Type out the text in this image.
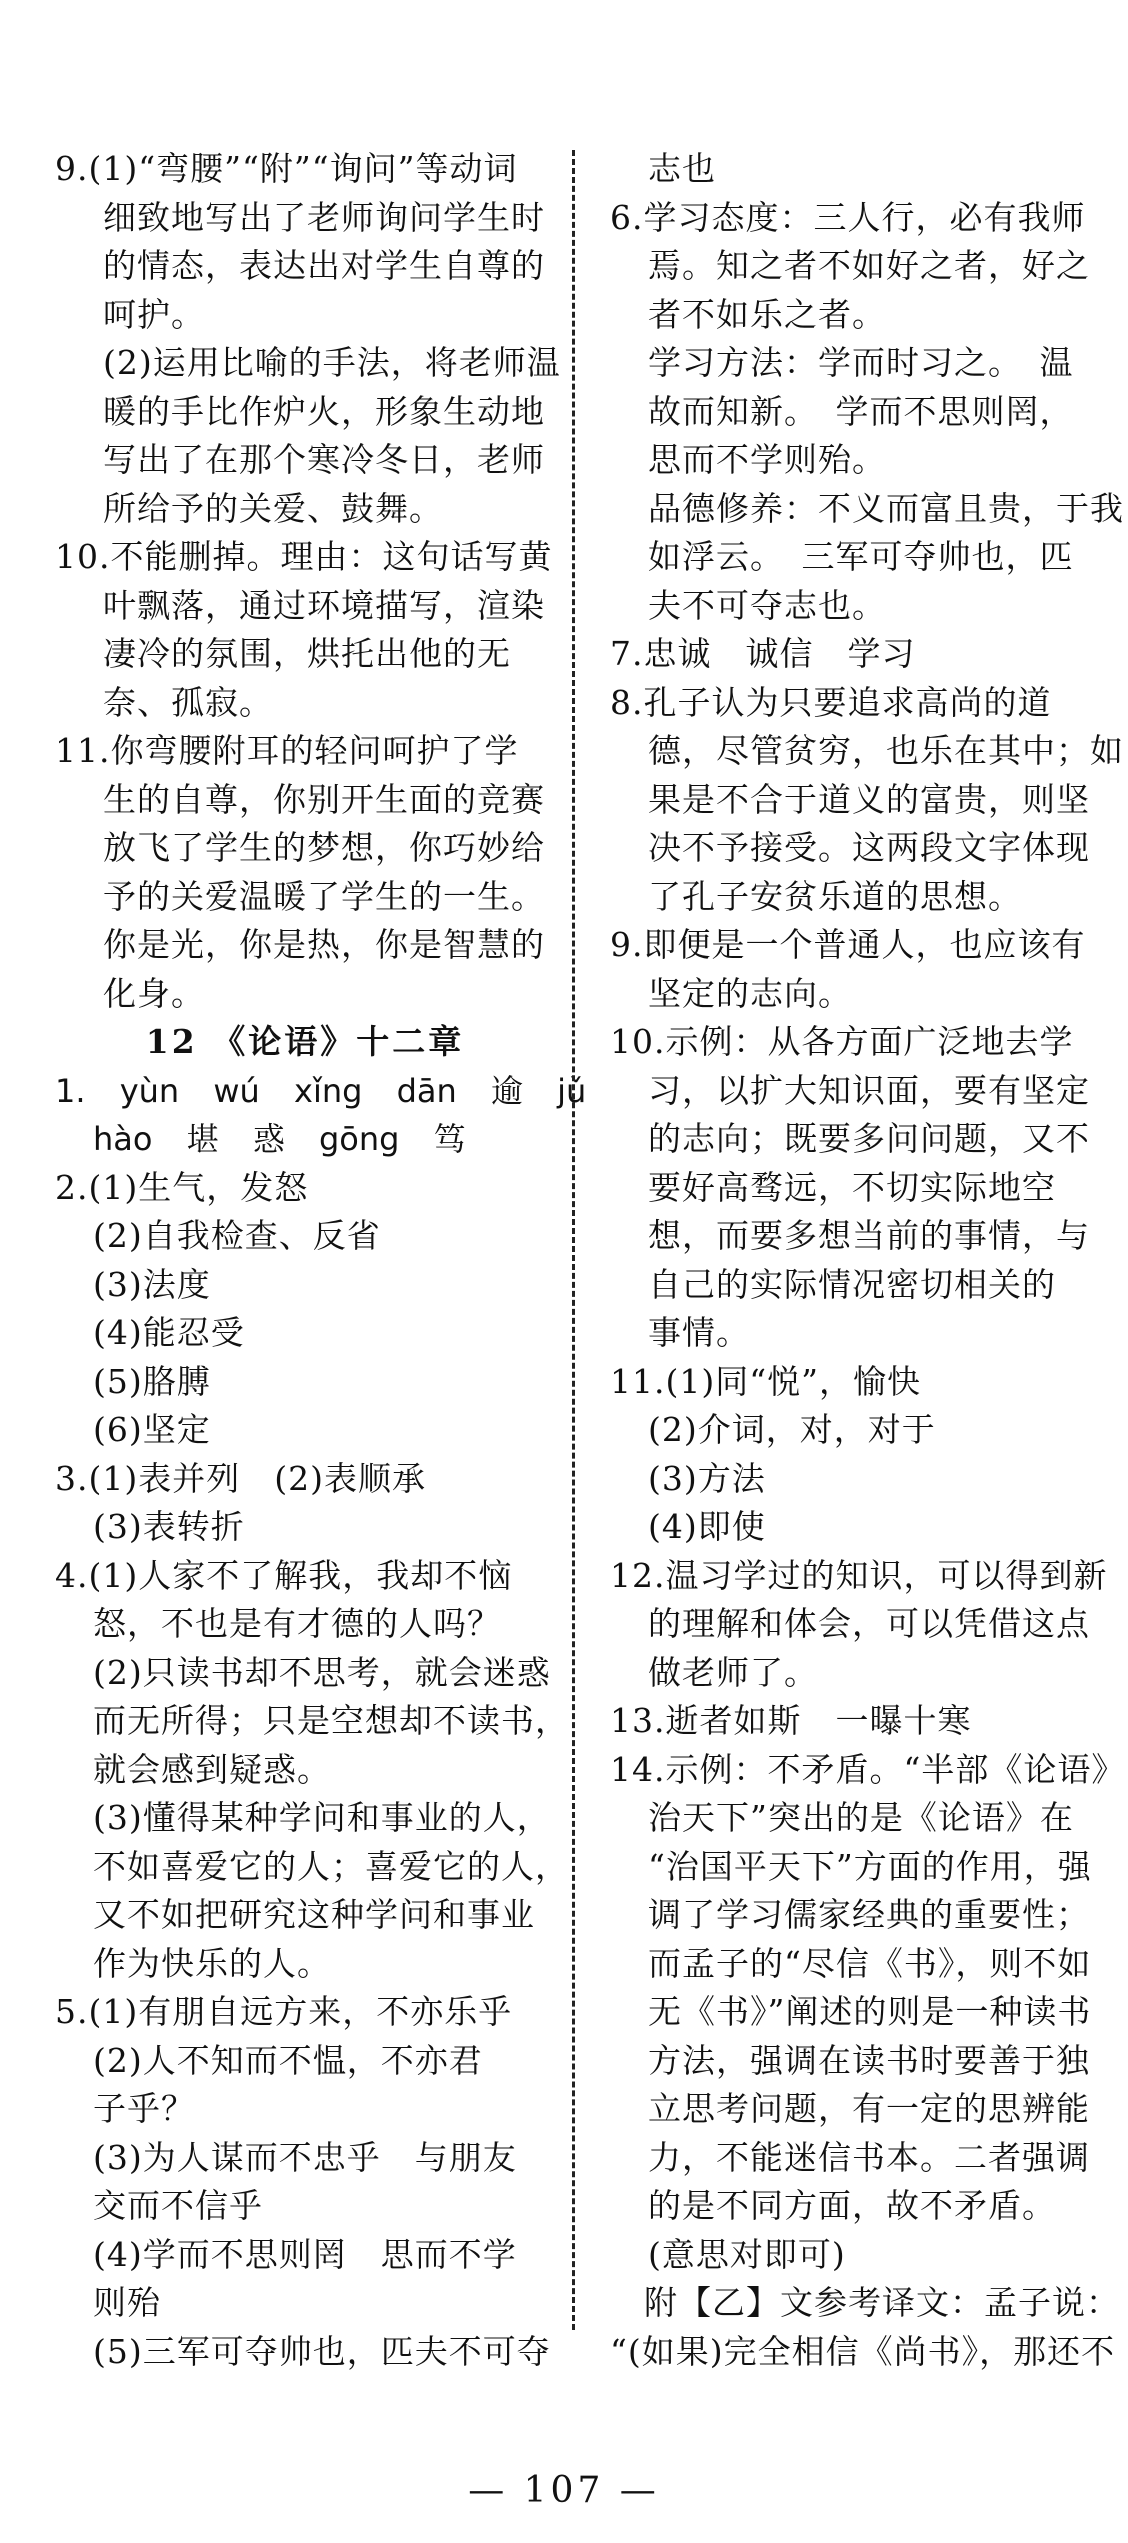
9.(1)“弯腰”“附”“询问”等动词
细致地写出了老师询问学生时
的情态，表达出对学生自尊的
呵护。
(2)运用比喻的手法，将老师温
暖的手比作炉火，形象生动地
写出了在那个寒冷冬日，老师
所给予的关爱、鼓舞。
10.不能删掉。理由：这句话写黄
叶飘落，通过环境描写，渲染
凄冷的氛围，烘托出他的无
奈、孤寂。
11.你弯腰附耳的轻问呵护了学
生的自尊，你别开生面的竞赛
放飞了学生的梦想，你巧妙给
予的关爱温暖了学生的一生。
你是光，你是热，你是智慧的
化身。
12 《论语》十二章
1. yùn wú xǐng dān 逾 jǔ
hào 堪 惑 gōng 笃
2.(1)生气，发怒
(2)自我检查、反省
(3)法度
(4)能忍受
(5)胳膊
(6)坚定
3.(1)表并列　(2)表顺承
(3)表转折
4.(1)人家不了解我，我却不恼
怒，不也是有才德的人吗？
(2)只读书却不思考，就会迷惑
而无所得；只是空想却不读书，
就会感到疑惑。
(3)懂得某种学问和事业的人，
不如喜爱它的人；喜爱它的人，
又不如把研究这种学问和事业
作为快乐的人。
5.(1)有朋自远方来，不亦乐乎
(2)人不知而不愠，不亦君
子乎？
(3)为人谋而不忠乎　与朋友
交而不信乎
(4)学而不思则罔　思而不学
则殆
(5)三军可夺帅也，匹夫不可夺
志也
6.学习态度：三人行，必有我师
焉。知之者不如好之者，好之
者不如乐之者。
学习方法：学而时习之。　温
故而知新。　学而不思则罔，
思而不学则殆。
品德修养：不义而富且贵，于我
如浮云。　三军可夺帅也，匹
夫不可夺志也。
7.忠诚　诚信　学习
8.孔子认为只要追求高尚的道
德，尽管贫穷，也乐在其中；如
果是不合于道义的富贵，则坚
决不予接受。这两段文字体现
了孔子安贫乐道的思想。
9.即便是一个普通人，也应该有
坚定的志向。
10.示例：从各方面广泛地去学
习，以扩大知识面，要有坚定
的志向；既要多问问题，又不
要好高骛远，不切实际地空
想，而要多想当前的事情，与
自己的实际情况密切相关的
事情。
11.(1)同“悦”，愉快
(2)介词，对，对于
(3)方法
(4)即使
12.温习学过的知识，可以得到新
的理解和体会，可以凭借这点
做老师了。
13.逝者如斯　一曝十寒
14.示例：不矛盾。“半部《论语》
治天下”突出的是《论语》在
“治国平天下”方面的作用，强
调了学习儒家经典的重要性；
而孟子的“尽信《书》，则不如
无《书》”阐述的则是一种读书
方法，强调在读书时要善于独
立思考问题，有一定的思辨能
力，不能迷信书本。二者强调
的是不同方面，故不矛盾。
(意思对即可)
　附【乙】文参考译文：孟子说：
“(如果)完全相信《尚书》，那还不
— 107 —
